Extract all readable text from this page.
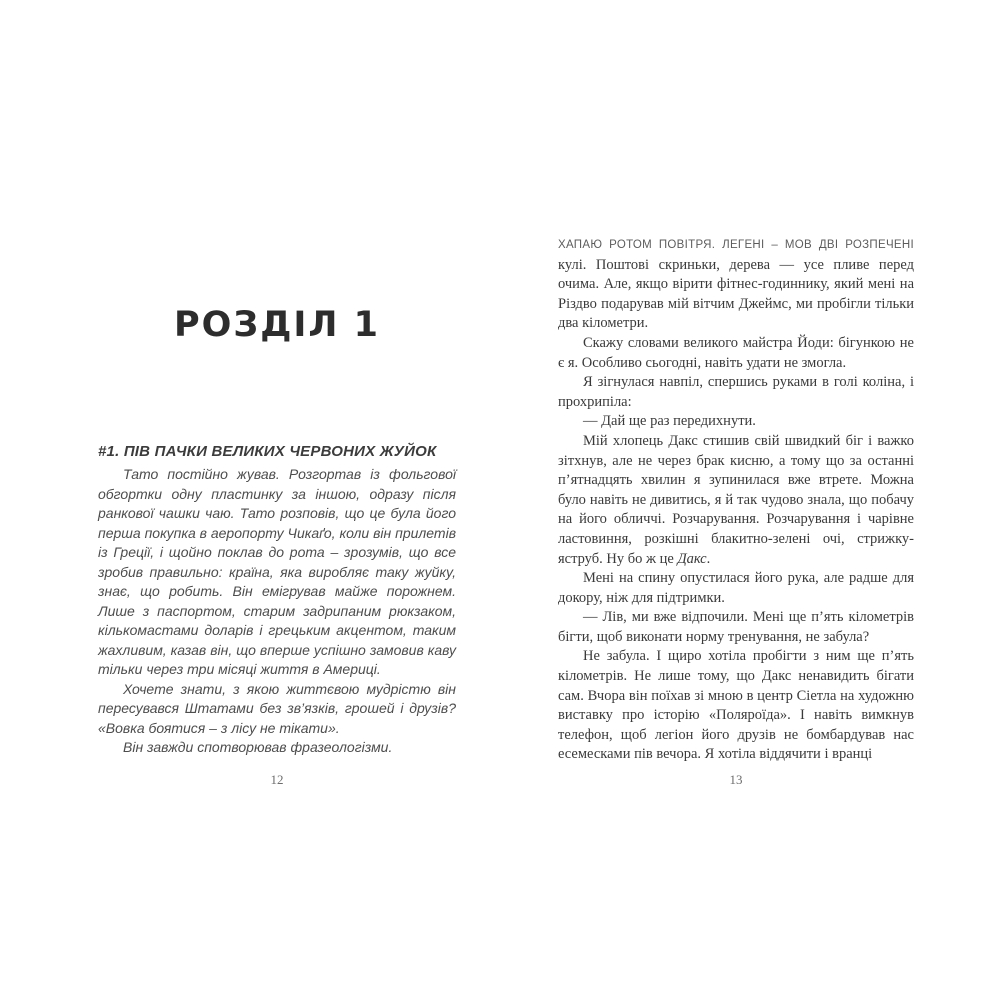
РОЗДІЛ 1
#1. ПІВ ПАЧКИ ВЕЛИКИХ ЧЕРВОНИХ ЖУЙОК

Тато постійно жував. Розгортав із фольгової обгортки одну пластинку за іншою, одразу після ранкової чашки чаю. Тато розповів, що це була його перша покупка в аеропорту Чикаґо, коли він прилетів із Греції, і щойно поклав до рота – зрозумів, що все зробив правильно: країна, яка виробляє таку жуйку, знає, що робить. Він емігрував майже порожнем. Лише з паспортом, старим задрипаним рюкзаком, кількомастами доларів і грецьким акцентом, таким жахливим, казав він, що вперше успішно замовив каву тільки через три місяці життя в Америці.

Хочете знати, з якою життєвою мудрістю він пересувався Штатами без зв’язків, грошей і друзів? «Вовка боятися – з лісу не тікати».

Він завжди спотворював фразеологізми.

12
ХАПАЮ РОТОМ ПОВІТРЯ. ЛЕГЕНІ – МОВ ДВІ РОЗПЕЧЕНІ

кулі. Поштові скриньки, дерева — усе пливе перед очима. Але, якщо вірити фітнес-годиннику, який мені на Різдво подарував мій вітчим Джеймс, ми пробігли тільки два кілометри.

Скажу словами великого майстра Йоди: бігункою не є я. Особливо сьогодні, навіть удати не змогла.

Я зігнулася навпіл, спершись руками в голі коліна, і прохрипіла:

— Дай ще раз передихнути.

Мій хлопець Дакс стишив свій швидкий біг і важко зітхнув, але не через брак кисню, а тому що за останні п’ятнадцять хвилин я зупинилася вже втрете. Можна було навіть не дивитись, я й так чудово знала, що побачу на його обличчі. Розчарування. Розчарування і чарівне ластовиння, розкішні блакитно-зелені очі, стрижку-яструб. Ну бо ж це Дакс.

Мені на спину опустилася його рука, але радше для докору, ніж для підтримки.

— Лів, ми вже відпочили. Мені ще п’ять кілометрів бігти, щоб виконати норму тренування, не забула?

Не забула. І щиро хотіла пробігти з ним ще п’ять кілометрів. Не лише тому, що Дакс ненавидить бігати сам. Вчора він поїхав зі мною в центр Сіетла на художню виставку про історію «Поляроїда». І навіть вимкнув телефон, щоб легіон його друзів не бомбардував нас есемесками пів вечора. Я хотіла віддячити і вранці

13
